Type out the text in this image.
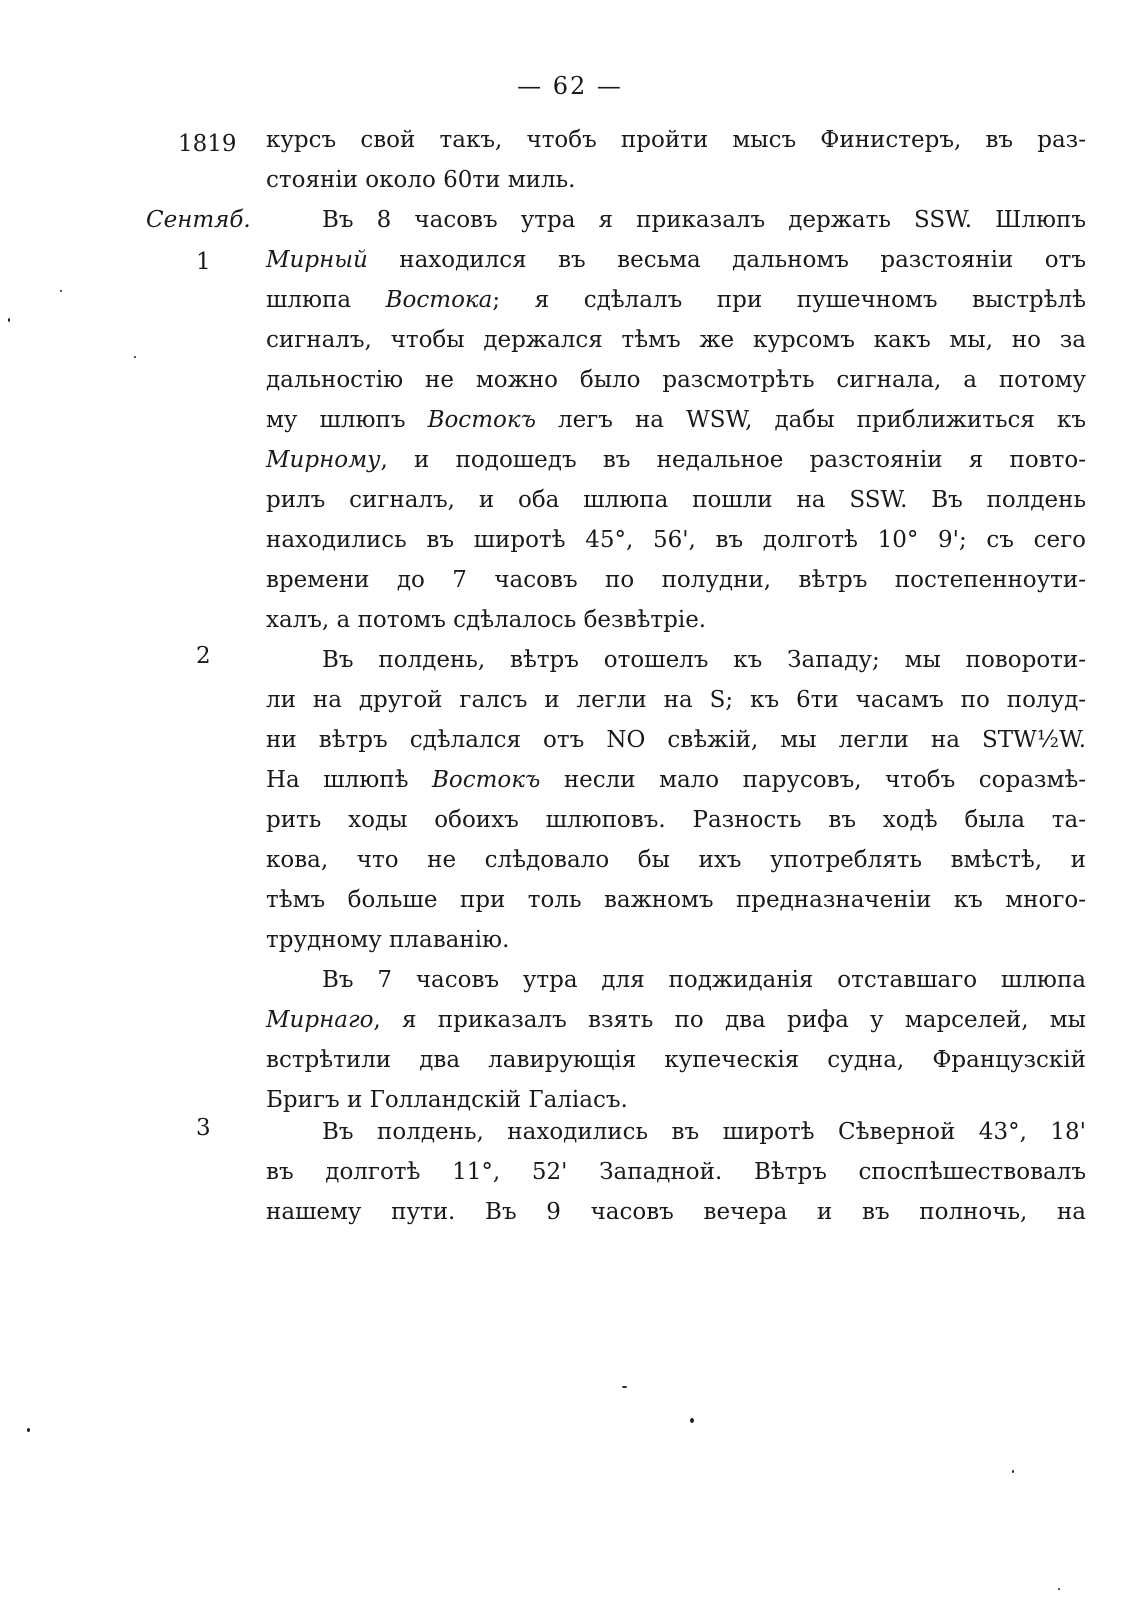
— 62 —
1819
Сентяб.
1
2
3
курсъ свой такъ, чтобъ пройти мысъ Финистеръ, въ раз-
стояніи около 60ти миль.
Въ 8 часовъ утра я приказалъ держать SSW. Шлюпъ
Мирный находился въ весьма дальномъ разстояніи отъ
шлюпа Востока; я сдѣлалъ при пушечномъ выстрѣлѣ
сигналъ, чтобы держался тѣмъ же курсомъ какъ мы, но за
дальностію не можно было разсмотрѣть сигнала, а потому
му шлюпъ Востокъ легъ на WSW, дабы приближиться къ
Мирному, и подошедъ въ недальное разстояніи я повто-
рилъ сигналъ, и оба шлюпа пошли на SSW. Въ полдень
находились въ широтѣ 45°, 56', въ долготѣ 10° 9'; съ сего
времени до 7 часовъ по полудни, вѣтръ постепенноути-
халъ, а потомъ сдѣлалось безвѣтріе.
Въ полдень, вѣтръ отошелъ къ Западу; мы повороти-
ли на другой галсъ и легли на S; къ 6ти часамъ по полуд-
ни вѣтръ сдѣлался отъ NO свѣжій, мы легли на STW½W.
На шлюпѣ Востокъ несли мало парусовъ, чтобъ соразмѣ-
рить ходы обоихъ шлюповъ. Разность въ ходѣ была та-
кова, что не слѣдовало бы ихъ употреблять вмѣстѣ, и
тѣмъ больше при толь важномъ предназначеніи къ много-
трудному плаванію.
Въ 7 часовъ утра для поджиданія отставшаго шлюпа
Мирнаго, я приказалъ взять по два рифа у марселей, мы
встрѣтили два лавирующія купеческія судна, Французскій
Бригъ и Голландскій Галіасъ.
Въ полдень, находились въ широтѣ Сѣверной 43°, 18'
въ долготѣ 11°, 52' Западной. Вѣтръ споспѣшествовалъ
нашему пути. Въ 9 часовъ вечера и въ полночь, на
